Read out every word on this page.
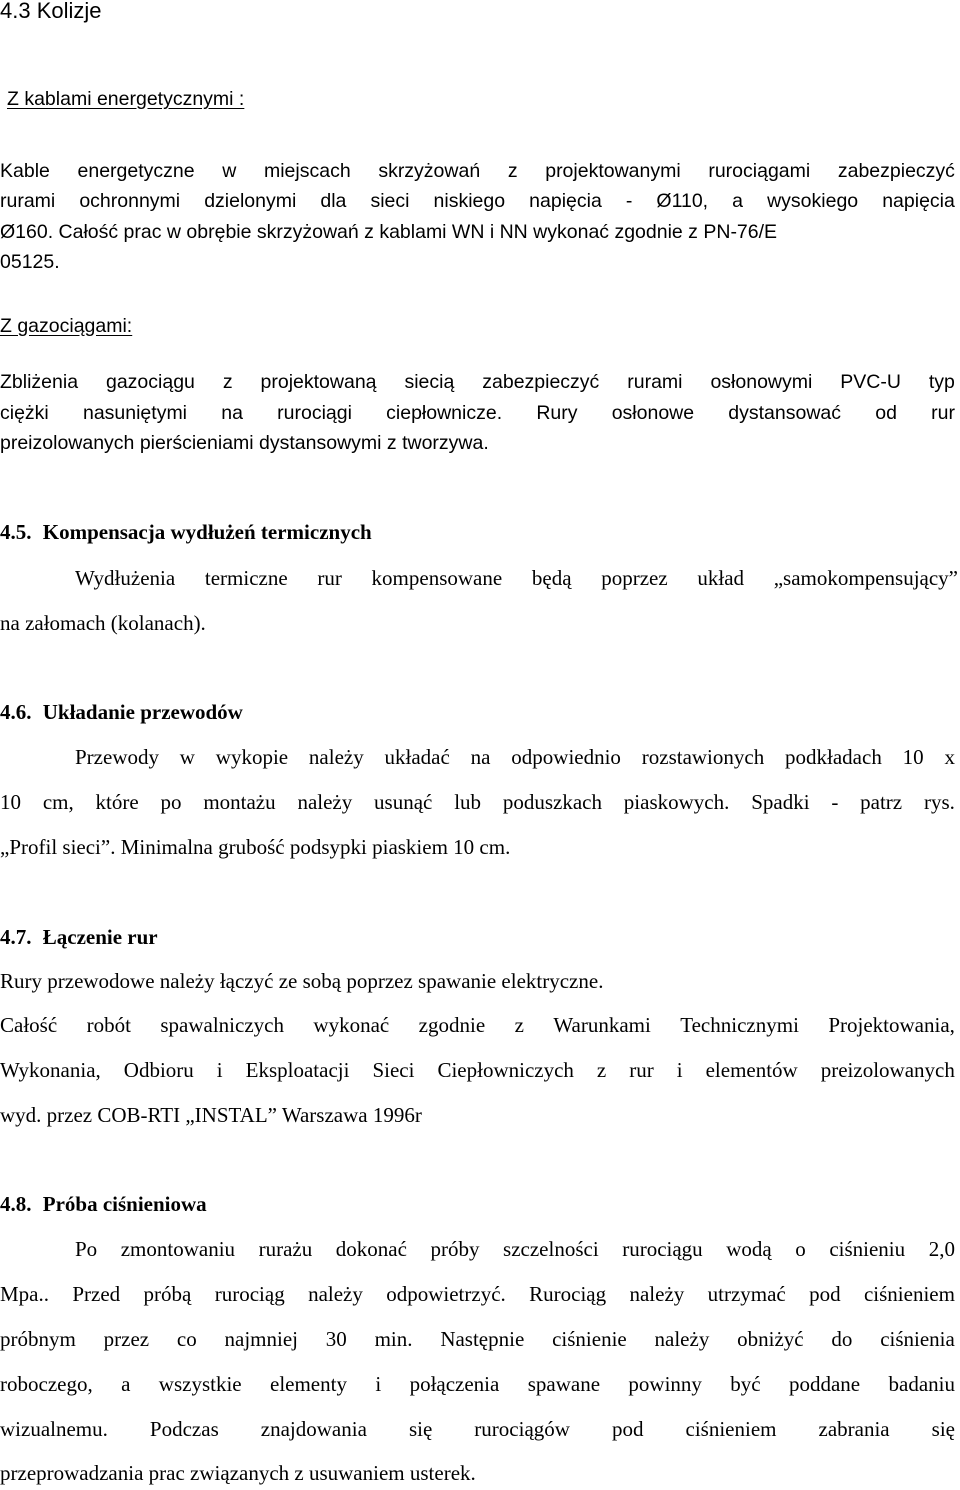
4.3 Kolizje
Z kablami energetycznymi :
Kable energetyczne w miejscach skrzyżowań z projektowanymi rurociągami zabezpieczyć
rurami ochronnymi dzielonymi dla sieci niskiego napięcia - Ø110, a wysokiego napięcia
Ø160. Całość prac w obrębie skrzyżowań z kablami WN i NN wykonać zgodnie z PN-76/E
05125.
Z gazociągami:
Zbliżenia gazociągu z projektowaną siecią zabezpieczyć rurami osłonowymi PVC-U typ
ciężki nasuniętymi na rurociągi ciepłownicze. Rury osłonowe dystansować od rur
preizolowanych pierścieniami dystansowymi z tworzywa.
4.5. Kompensacja wydłużeń termicznych
Wydłużenia termiczne rur kompensowane będą poprzez układ „samokompensujący”
na załomach (kolanach).
4.6. Układanie przewodów
Przewody w wykopie należy układać na odpowiednio rozstawionych podkładach 10 x
10 cm, które po montażu należy usunąć lub poduszkach piaskowych. Spadki - patrz rys.
„Profil sieci”. Minimalna grubość podsypki piaskiem 10 cm.
4.7. Łączenie rur
Rury przewodowe należy łączyć ze sobą poprzez spawanie elektryczne.
Całość robót spawalniczych wykonać zgodnie z Warunkami Technicznymi Projektowania,
Wykonania, Odbioru i Eksploatacji Sieci Ciepłowniczych z rur i elementów preizolowanych
wyd. przez COB-RTI „INSTAL” Warszawa 1996r
4.8. Próba ciśnieniowa
Po zmontowaniu rurażu dokonać próby szczelności rurociągu wodą o ciśnieniu 2,0
Mpa.. Przed próbą rurociąg należy odpowietrzyć. Rurociąg należy utrzymać pod ciśnieniem
próbnym przez co najmniej 30 min. Następnie ciśnienie należy obniżyć do ciśnienia
roboczego, a wszystkie elementy i połączenia spawane powinny być poddane badaniu
wizualnemu. Podczas znajdowania się rurociągów pod ciśnieniem zabrania się
przeprowadzania prac związanych z usuwaniem usterek.
